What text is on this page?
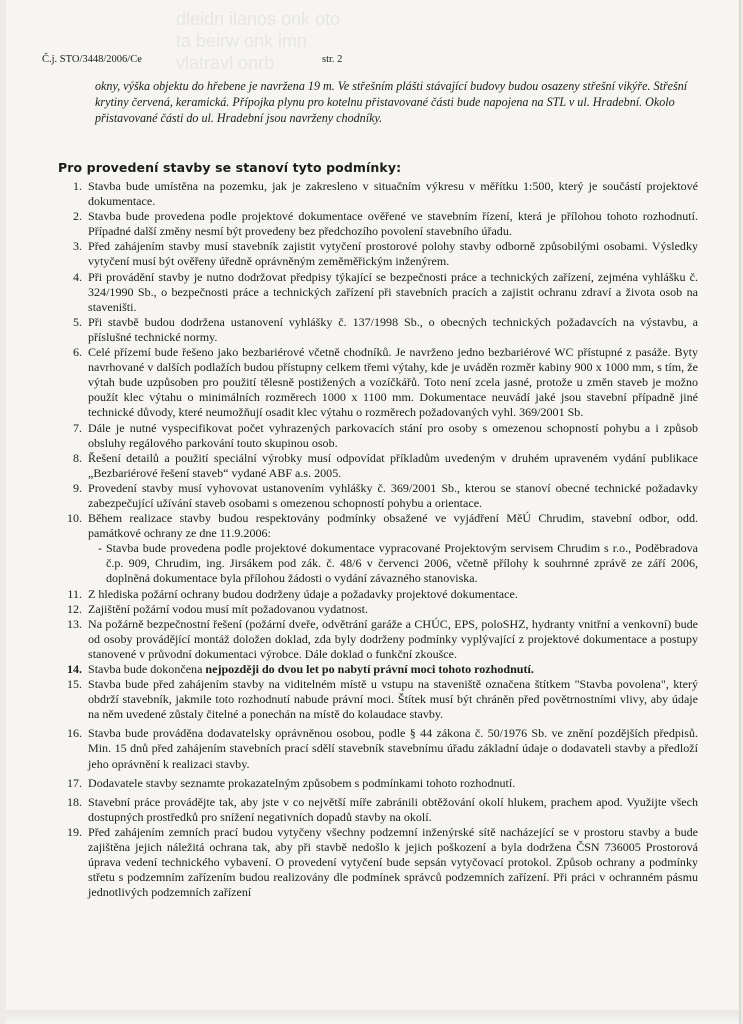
dleidn ilanos onk oto
ta beirw onk imn
vlatravl onrb
Č.j. STO/3448/2006/Ce	str. 2

okny, výška objektu do hřebene je navržena 19 m. Ve střešním plášti stávající budovy budou osazeny střešní vikýře. Střešní krytiny červená, keramická. Přípojka plynu pro kotelnu přistavované části bude napojena na STL v ul. Hradební. Okolo přistavované části do ul. Hradební jsou navrženy chodníky.

Pro provedení stavby se stanoví tyto podmínky:
1. Stavba bude umístěna na pozemku, jak je zakresleno v situačním výkresu v měřítku 1:500, který je součástí projektové dokumentace.
2. Stavba bude provedena podle projektové dokumentace ověřené ve stavebním řízení, která je přílohou tohoto rozhodnutí. Případné další změny nesmí být provedeny bez předchozího povolení stavebního úřadu.
3. Před zahájením stavby musí stavebník zajistit vytyčení prostorové polohy stavby odborně způsobilými osobami. Výsledky vytyčení musí být ověřeny úředně oprávněným zeměměřickým inženýrem.
4. Při provádění stavby je nutno dodržovat předpisy týkající se bezpečnosti práce a technických zařízení, zejména vyhlášku č. 324/1990 Sb., o bezpečnosti práce a technických zařízení při stavebních pracích a zajistit ochranu zdraví a života osob na staveništi.
5. Při stavbě budou dodržena ustanovení vyhlášky č. 137/1998 Sb., o obecných technických požadavcích na výstavbu, a příslušné technické normy.
6. Celé přízemí bude řešeno jako bezbariérové včetně chodníků. Je navrženo jedno bezbariérové WC přístupné z pasáže. Byty navrhované v dalších podlažích budou přístupny celkem třemi výtahy, kde je uváděn rozměr kabiny 900 x 1000 mm, s tím, že výtah bude uzpůsoben pro použití tělesně postižených a vozíčkářů. Toto není zcela jasné, protože u změn staveb je možno použít klec výtahu o minimálních rozměrech 1000 x 1100 mm. Dokumentace neuvádí jaké jsou stavební případně jiné technické důvody, které neumožňují osadit klec výtahu o rozměrech požadovaných vyhl. 369/2001 Sb.
7. Dále je nutné vyspecifikovat počet vyhrazených parkovacích stání pro osoby s omezenou schopností pohybu a i způsob obsluhy regálového parkování touto skupinou osob.
8. Řešení detailů a použití speciální výrobky musí odpovídat příkladům uvedeným v druhém upraveném vydání publikace „Bezbariérové řešení staveb“ vydané ABF a.s. 2005.
9. Provedení stavby musí vyhovovat ustanovením vyhlášky č. 369/2001 Sb., kterou se stanoví obecné technické požadavky zabezpečující užívání staveb osobami s omezenou schopností pohybu a orientace.
10. Během realizace stavby budou respektovány podmínky obsažené ve vyjádření MěÚ Chrudim, stavební odbor, odd. památkové ochrany ze dne 11.9.2006:
- Stavba bude provedena podle projektové dokumentace vypracované Projektovým servisem Chrudim s r.o., Poděbradova č.p. 909, Chrudim, ing. Jirsákem pod zák. č. 48/6 v červenci 2006, včetně přílohy k souhrnné zprávě ze září 2006, doplněná dokumentace byla přílohou žádosti o vydání závazného stanoviska.
11. Z hlediska požární ochrany budou dodrženy údaje a požadavky projektové dokumentace.
12. Zajištění požární vodou musí mít požadovanou vydatnost.
13. Na požárně bezpečnostní řešení (požární dveře, odvětrání garáže a CHÚC, EPS, poloSHZ, hydranty vnitřní a venkovní) bude od osoby provádějící montáž doložen doklad, zda byly dodrženy podmínky vyplývající z projektové dokumentace a postupy stanovené v průvodní dokumentaci výrobce. Dále doklad o funkční zkoušce.
14. Stavba bude dokončena nejpozději do dvou let po nabytí právní moci tohoto rozhodnutí.
15. Stavba bude před zahájením stavby na viditelném místě u vstupu na staveniště označena štítkem "Stavba povolena", který obdrží stavebník, jakmile toto rozhodnutí nabude právní moci. Štítek musí být chráněn před povětrnostními vlivy, aby údaje na něm uvedené zůstaly čitelné a ponechán na místě do kolaudace stavby.
16. Stavba bude prováděna dodavatelsky oprávněnou osobou, podle § 44 zákona č. 50/1976 Sb. ve znění pozdějších předpisů. Min. 15 dnů před zahájením stavebních prací sdělí stavebník stavebnímu úřadu základní údaje o dodavateli stavby a předloží jeho oprávnění k realizaci stavby.
17. Dodavatele stavby seznamte prokazatelným způsobem s podmínkami tohoto rozhodnutí.
18. Stavební práce provádějte tak, aby jste v co největší míře zabránili obtěžování okolí hlukem, prachem apod. Využijte všech dostupných prostředků pro snížení negativních dopadů stavby na okolí.
19. Před zahájením zemních prací budou vytyčeny všechny podzemní inženýrské sítě nacházející se v prostoru stavby a bude zajištěna jejich náležitá ochrana tak, aby při stavbě nedošlo k jejich poškození a byla dodržena ČSN 736005 Prostorová úprava vedení technického vybavení. O provedení vytyčení bude sepsán vytyčovací protokol. Způsob ochrany a podmínky střetu s podzemním zařízením budou realizovány dle podmínek správců podzemních zařízení. Při práci v ochranném pásmu jednotlivých podzemních zařízení
